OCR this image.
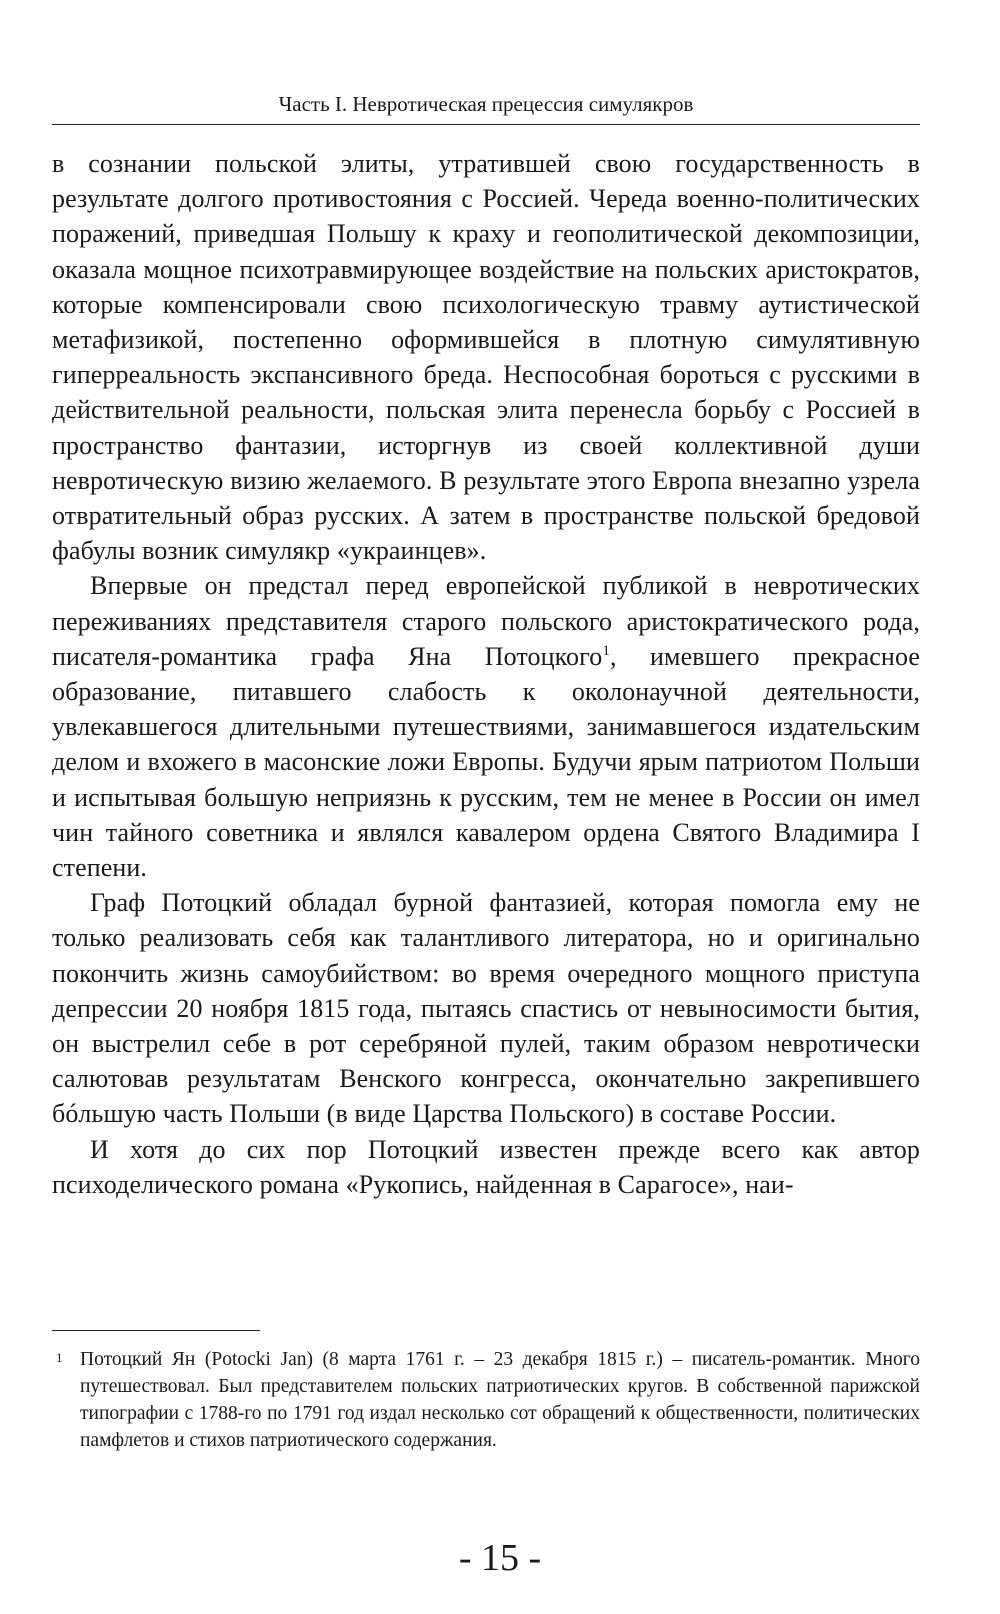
Часть I. Невротическая прецессия симулякров

в сознании польской элиты, утратившей свою государственность в результате долгого противостояния с Россией. Череда военно-политических поражений, приведшая Польшу к краху и геополитической декомпозиции, оказала мощное психотравмирующее воздействие на польских аристократов, которые компенсировали свою психологическую травму аутистической метафизикой, постепенно оформившейся в плотную симулятивную гиперреальность экспансивного бреда. Неспособная бороться с русскими в действительной реальности, польская элита перенесла борьбу с Россией в пространство фантазии, исторгнув из своей коллективной души невротическую визию желаемого. В результате этого Европа внезапно узрела отвратительный образ русских. А затем в пространстве польской бредовой фабулы возник симулякр «украинцев».

Впервые он предстал перед европейской публикой в невротических переживаниях представителя старого польского аристократического рода, писателя-романтика графа Яна Потоцкого$^1$, имевшего прекрасное образование, питавшего слабость к околонаучной деятельности, увлекавшегося длительными путешествиями, занимавшегося издательским делом и вхожего в масонские ложи Европы. Будучи ярым патриотом Польши и испытывая большую неприязнь к русским, тем не менее в России он имел чин тайного советника и являлся кавалером ордена Святого Владимира I степени.

Граф Потоцкий обладал бурной фантазией, которая помогла ему не только реализовать себя как талантливого литератора, но и оригинально покончить жизнь самоубийством: во время очередного мощного приступа депрессии 20 ноября 1815 года, пытаясь спастись от невыносимости бытия, он выстрелил себе в рот серебряной пулей, таким образом невротически салютовав результатам Венского конгресса, окончательно закрепившего бóльшую часть Польши (в виде Царства Польского) в составе России.

И хотя до сих пор Потоцкий известен прежде всего как автор психоделического романа «Рукопись, найденная в Сарагосе», наи-

1 Потоцкий Ян (Potocki Jan) (8 марта 1761 г. – 23 декабря 1815 г.) – писатель-романтик. Много путешествовал. Был представителем польских патриотических кругов. В собственной парижской типографии с 1788-го по 1791 год издал несколько сот обращений к общественности, политических памфлетов и стихов патриотического содержания.
- 15 -
